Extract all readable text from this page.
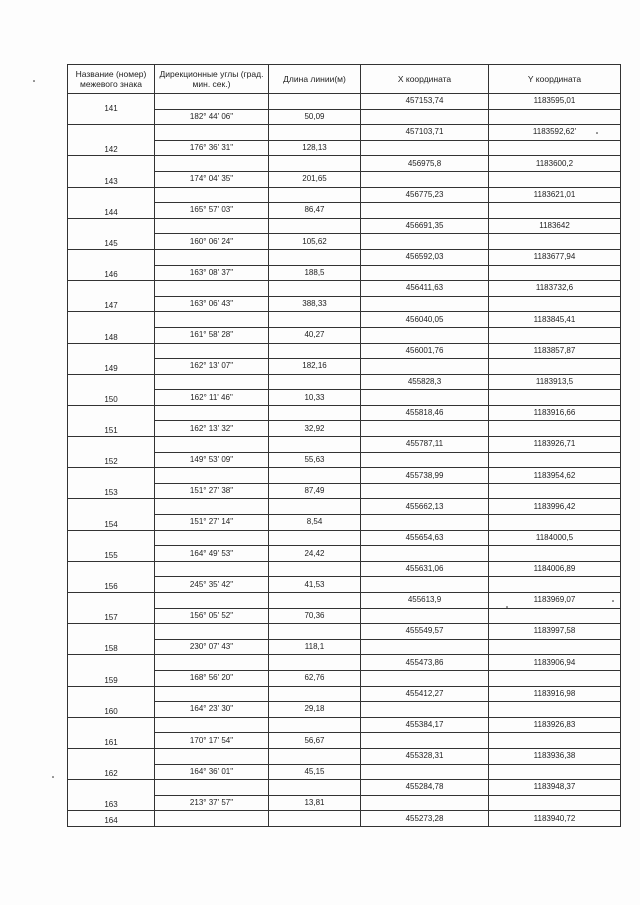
Название (номер) межевого знака	Дирекционные углы (град. мин. сек.)	Длина линии(м)	X координата	Y координата
141			457153,74	1183595,01
	182° 44' 06"	50,09		
142			457103,71	1183592,62'
	176° 36' 31"	128,13		
143			456975,8	1183600,2
	174° 04' 35"	201,65		
144			456775,23	1183621,01
	165° 57' 03"	86,47		
145			456691,35	1183642
	160° 06' 24"	105,62		
146			456592,03	1183677,94
	163° 08' 37"	188,5		
147			456411,63	1183732,6
	163° 06' 43"	388,33		
148			456040,05	1183845,41
	161° 58' 28"	40,27		
149			456001,76	1183857,87
	162° 13' 07"	182,16		
150			455828,3	1183913,5
	162° 11' 46"	10,33		
151			455818,46	1183916,66
	162° 13' 32"	32,92		
152			455787,11	1183926,71
	149° 53' 09"	55,63		
153			455738,99	1183954,62
	151° 27' 38"	87,49		
154			455662,13	1183996,42
	151° 27' 14"	8,54		
155			455654,63	1184000,5
	164° 49' 53"	24,42		
156			455631,06	1184006,89
	245° 35' 42"	41,53		
157			455613,9	1183969,07
	156° 05' 52"	70,36		
158			455549,57	1183997,58
	230° 07' 43"	118,1		
159			455473,86	1183906,94
	168° 56' 20"	62,76		
160			455412,27	1183916,98
	164° 23' 30"	29,18		
161			455384,17	1183926,83
	170° 17' 54"	56,67		
162			455328,31	1183936,38
	164° 36' 01"	45,15		
163			455284,78	1183948,37
	213° 37' 57"	13,81		
164			455273,28	1183940,72
